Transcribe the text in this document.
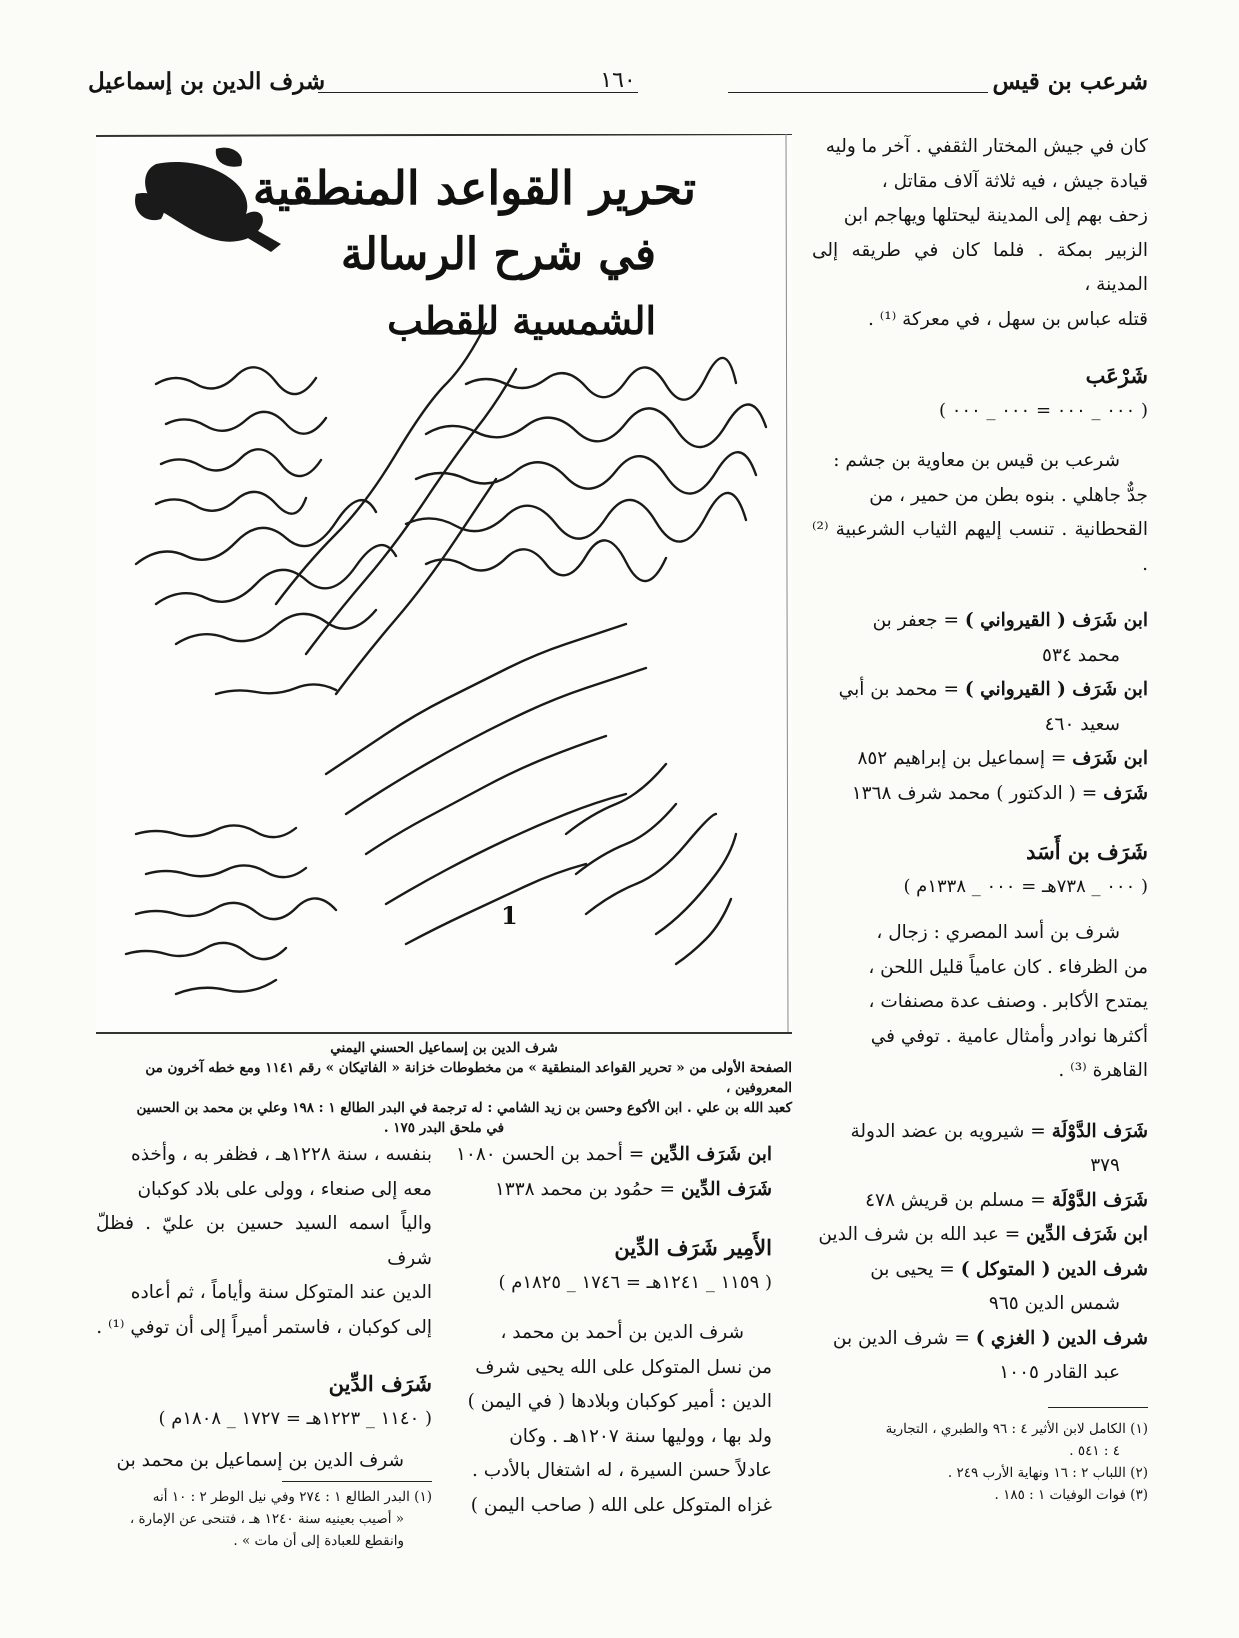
شرعب بن قيس
١٦٠
شرف الدين بن إسماعيل
تحرير القواعد المنطقية
في شرح الرسالة
الشمسية للقطب
1
شرف الدين بن إسماعيل الحسني اليمني
الصفحة الأولى من « تحرير القواعد المنطقية » من مخطوطات خزانة « الفاتيكان » رقم ١١٤١ ومع خطه آخرون من المعروفين ،
كعبد الله بن علي . ابن الأكوع وحسن بن زيد الشامي : له ترجمة في البدر الطالع ١ : ١٩٨ وعلي بن محمد بن الحسين
في ملحق البدر ١٧٥ .

كان في جيش المختار الثقفي . آخر ما وليه

قيادة جيش ، فيه ثلاثة آلاف مقاتل ،

زحف بهم إلى المدينة ليحتلها ويهاجم ابن

الزبير بمكة . فلما كان في طريقه إلى المدينة ،

قتله عباس بن سهل ، في معركة ⁽¹⁾ .

شَرْعَب

( ٠٠٠ _ ٠٠٠ = ٠٠٠ _ ٠٠٠ )

شرعب بن قيس بن معاوية بن جشم :

جدٌّ جاهلي . بنوه بطن من حمير ، من

القحطانية . تنسب إليهم الثياب الشرعبية ⁽²⁾ .

ابن شَرَف ( القيرواني ) = جعفر بن

محمد ٥٣٤

ابن شَرَف ( القيرواني ) = محمد بن أبي

سعيد ٤٦٠

ابن شَرَف = إسماعيل بن إبراهيم ٨٥٢

شَرَف = ( الدكتور ) محمد شرف ١٣٦٨

شَرَف بن أَسَد

( ٠٠٠ _ ٧٣٨هـ = ٠٠٠ _ ١٣٣٨م )

شرف بن أسد المصري : زجال ،

من الظرفاء . كان عامياً قليل اللحن ،

يمتدح الأكابر . وصنف عدة مصنفات ،

أكثرها نوادر وأمثال عامية . توفي في

القاهرة ⁽³⁾ .

شَرَف الدَّوْلَة = شيرويه بن عضد الدولة

٣٧٩

شَرَف الدَّوْلَة = مسلم بن قريش ٤٧٨

ابن شَرَف الدِّين = عبد الله بن شرف الدين

شرف الدين ( المتوكل ) = يحيى بن

شمس الدين ٩٦٥

شرف الدين ( الغزي ) = شرف الدين بن

عبد القادر ١٠٠٥

(١) الكامل لابن الأثير ٤ : ٩٦ والطبري ، التجارية
٤ : ٥٤١ .
(٢) اللباب ٢ : ١٦ ونهاية الأرب ٢٤٩ .
(٣) فوات الوفيات ١ : ١٨٥ .

ابن شَرَف الدِّين = أحمد بن الحسن ١٠٨٠

شَرَف الدِّين = حمُود بن محمد ١٣٣٨

الأَمِير شَرَف الدِّين

( ١١٥٩ _ ١٢٤١هـ = ١٧٤٦ _ ١٨٢٥م )

شرف الدين بن أحمد بن محمد ،

من نسل المتوكل على الله يحيى شرف

الدين : أمير كوكبان وبلادها ( في اليمن )

ولد بها ، ووليها سنة ١٢٠٧هـ . وكان

عادلاً حسن السيرة ، له اشتغال بالأدب .

غزاه المتوكل على الله ( صاحب اليمن )

بنفسه ، سنة ١٢٢٨هـ ، فظفر به ، وأخذه

معه إلى صنعاء ، وولى على بلاد كوكبان

والياً اسمه السيد حسين بن عليّ . فظلّ شرف

الدين عند المتوكل سنة وأياماً ، ثم أعاده

إلى كوكبان ، فاستمر أميراً إلى أن توفي ⁽¹⁾ .

شَرَف الدِّين

( ١١٤٠ _ ١٢٢٣هـ = ١٧٢٧ _ ١٨٠٨م )

شرف الدين بن إسماعيل بن محمد بن

(١) البدر الطالع ١ : ٢٧٤ وفي نيل الوطر ٢ : ١٠ أنه
« أصيب بعينيه سنة ١٢٤٠ هـ ، فتنحى عن الإمارة ،
وانقطع للعبادة إلى أن مات » .
